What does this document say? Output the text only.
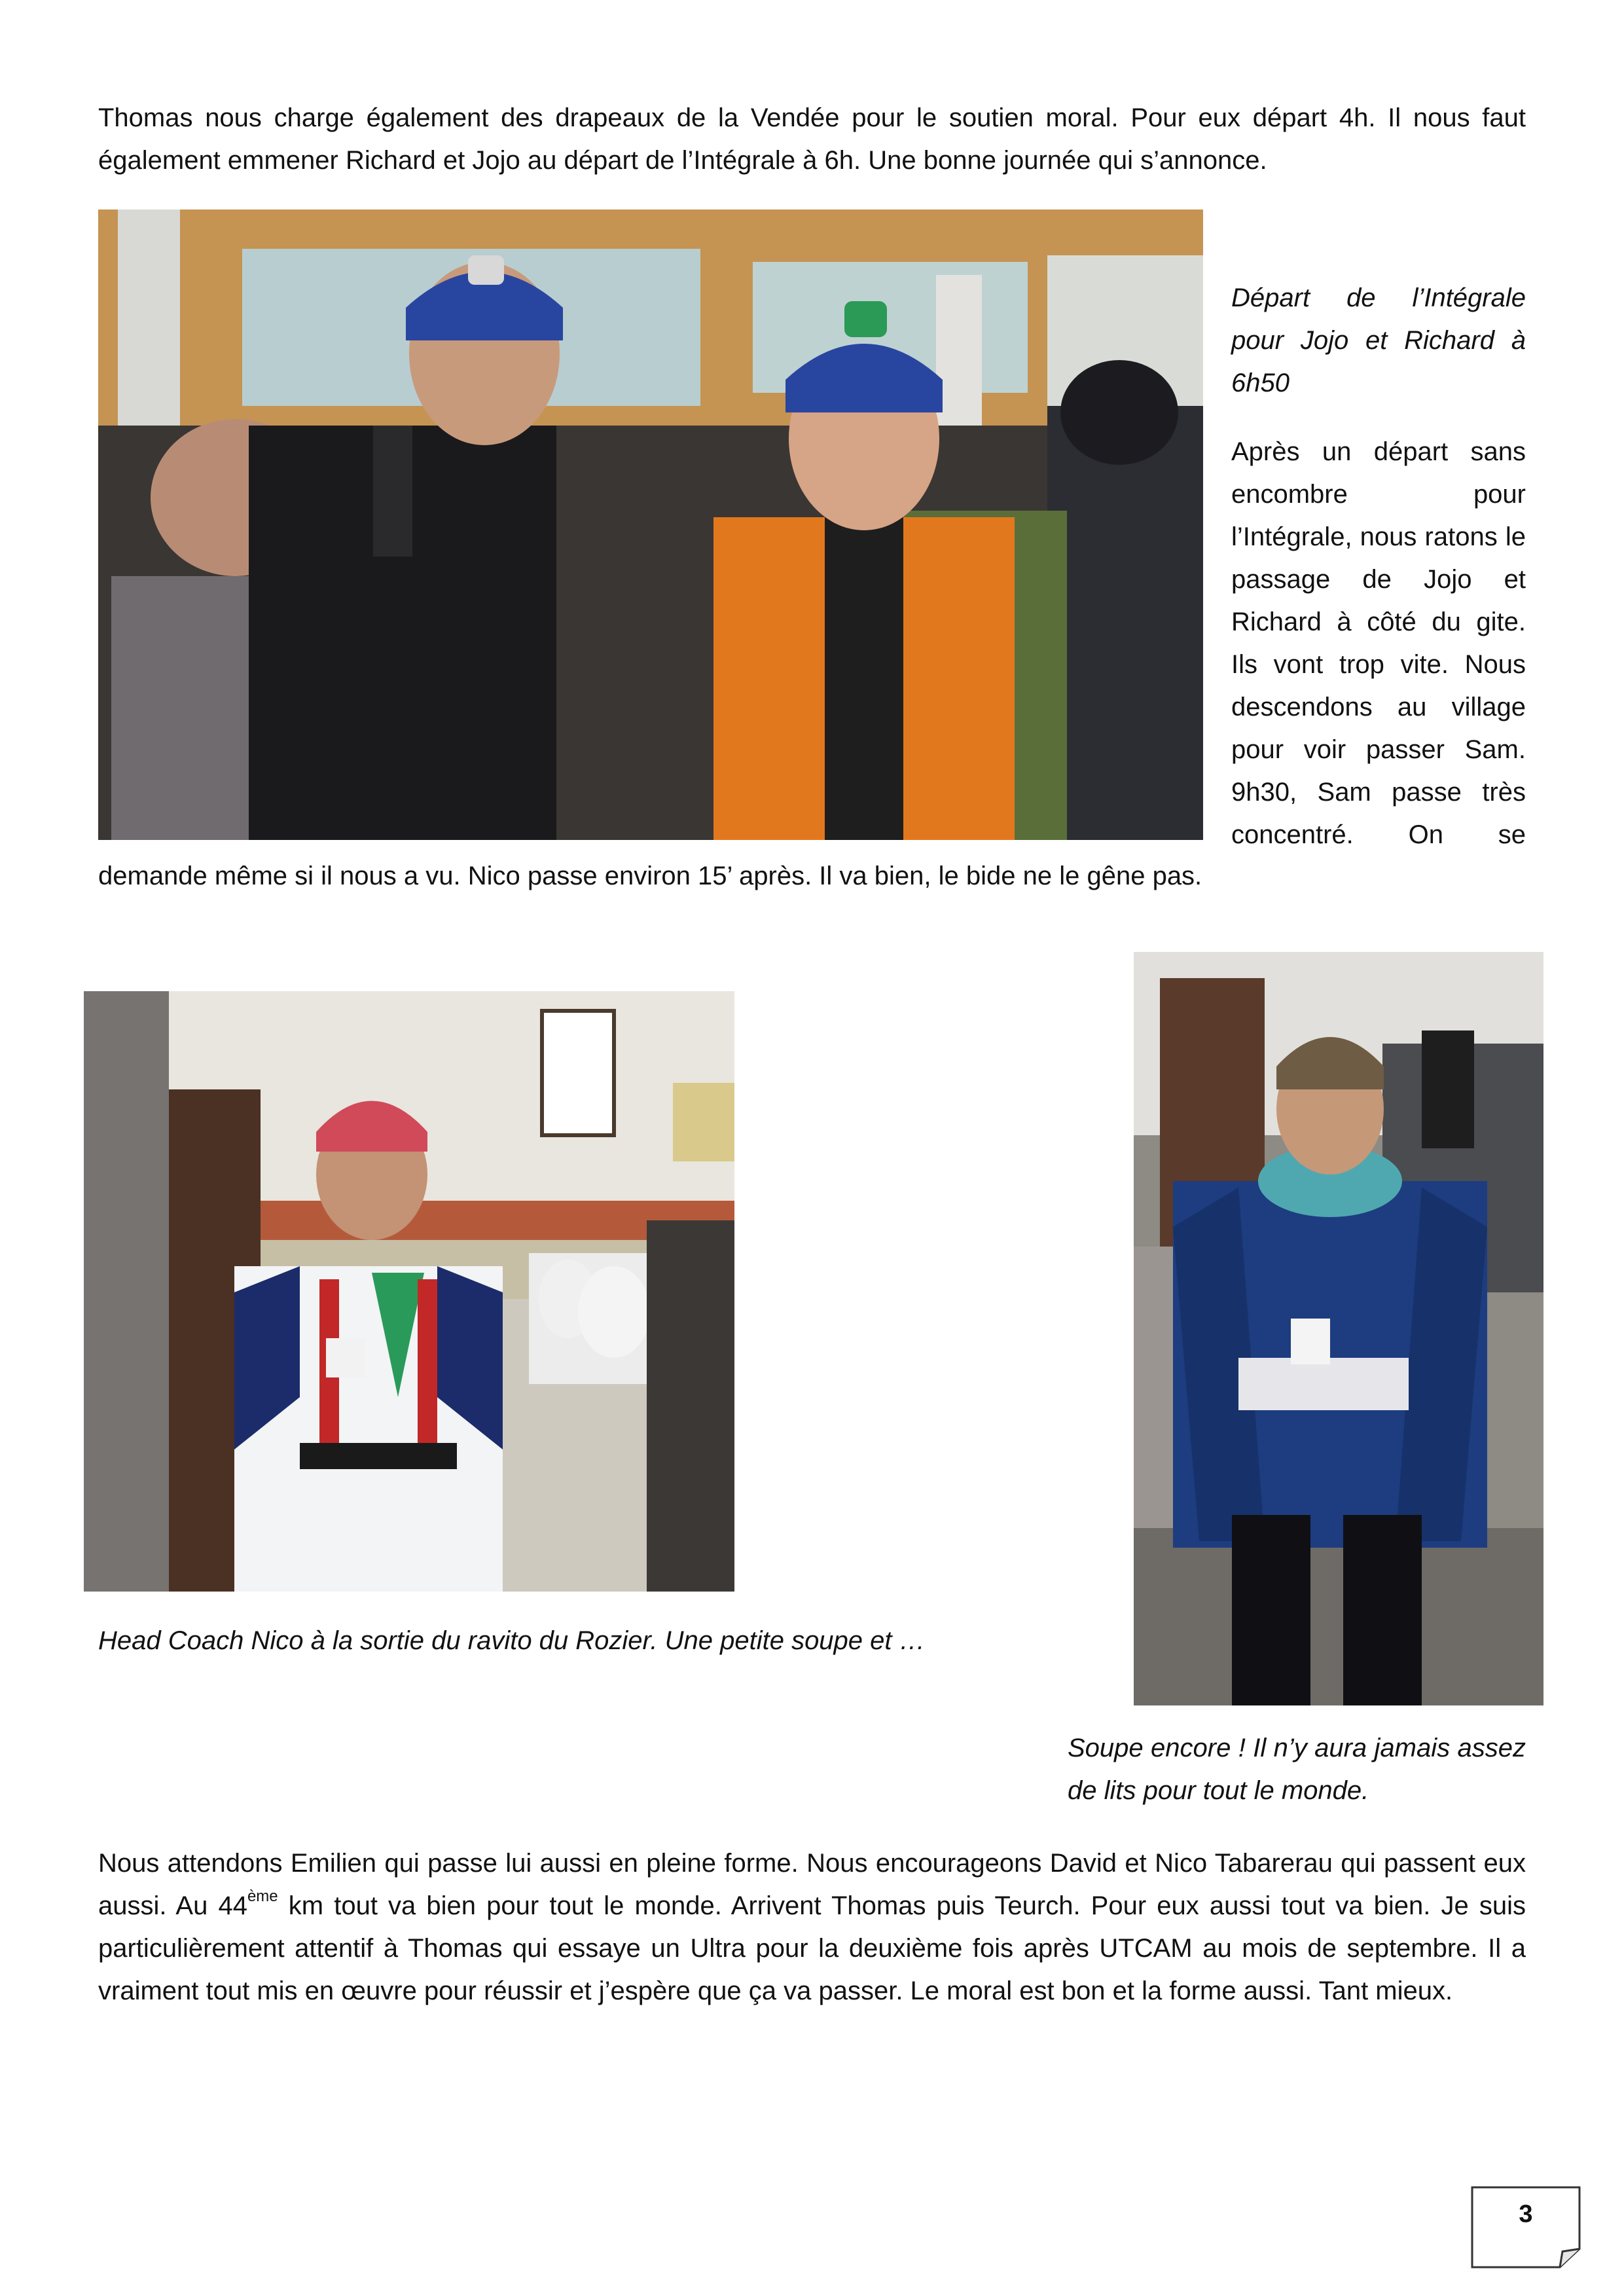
Thomas nous charge également des drapeaux de la Vendée pour le soutien moral. Pour eux départ 4h. Il nous faut également emmener Richard et Jojo au départ de l’Intégrale à 6h. Une bonne journée qui s’annonce.

Départ de l’Intégrale pour Jojo et Richard à 6h50

Après un départ sans encombre pour l’Intégrale, nous ratons le passage de Jojo et Richard à côté du gite. Ils vont trop vite. Nous descendons au village pour voir passer Sam. 9h30, Sam passe très concentré. On se

demande même si il nous a vu. Nico passe environ 15’ après. Il va bien, le bide ne le gêne pas.

Head Coach Nico à la sortie du ravito du Rozier. Une petite soupe et …

Soupe encore ! Il n’y aura jamais assez de lits pour tout le monde.

Nous attendons Emilien qui passe lui aussi en pleine forme. Nous encourageons David et Nico Tabarerau qui passent eux aussi. Au 44ème km tout va bien pour tout le monde. Arrivent Thomas puis Teurch. Pour eux aussi tout va bien. Je suis particulièrement attentif à Thomas qui essaye un Ultra pour la deuxième fois après UTCAM au mois de septembre. Il a vraiment tout mis en œuvre pour réussir et j’espère que ça va passer. Le moral est bon et la forme aussi. Tant mieux.

3
